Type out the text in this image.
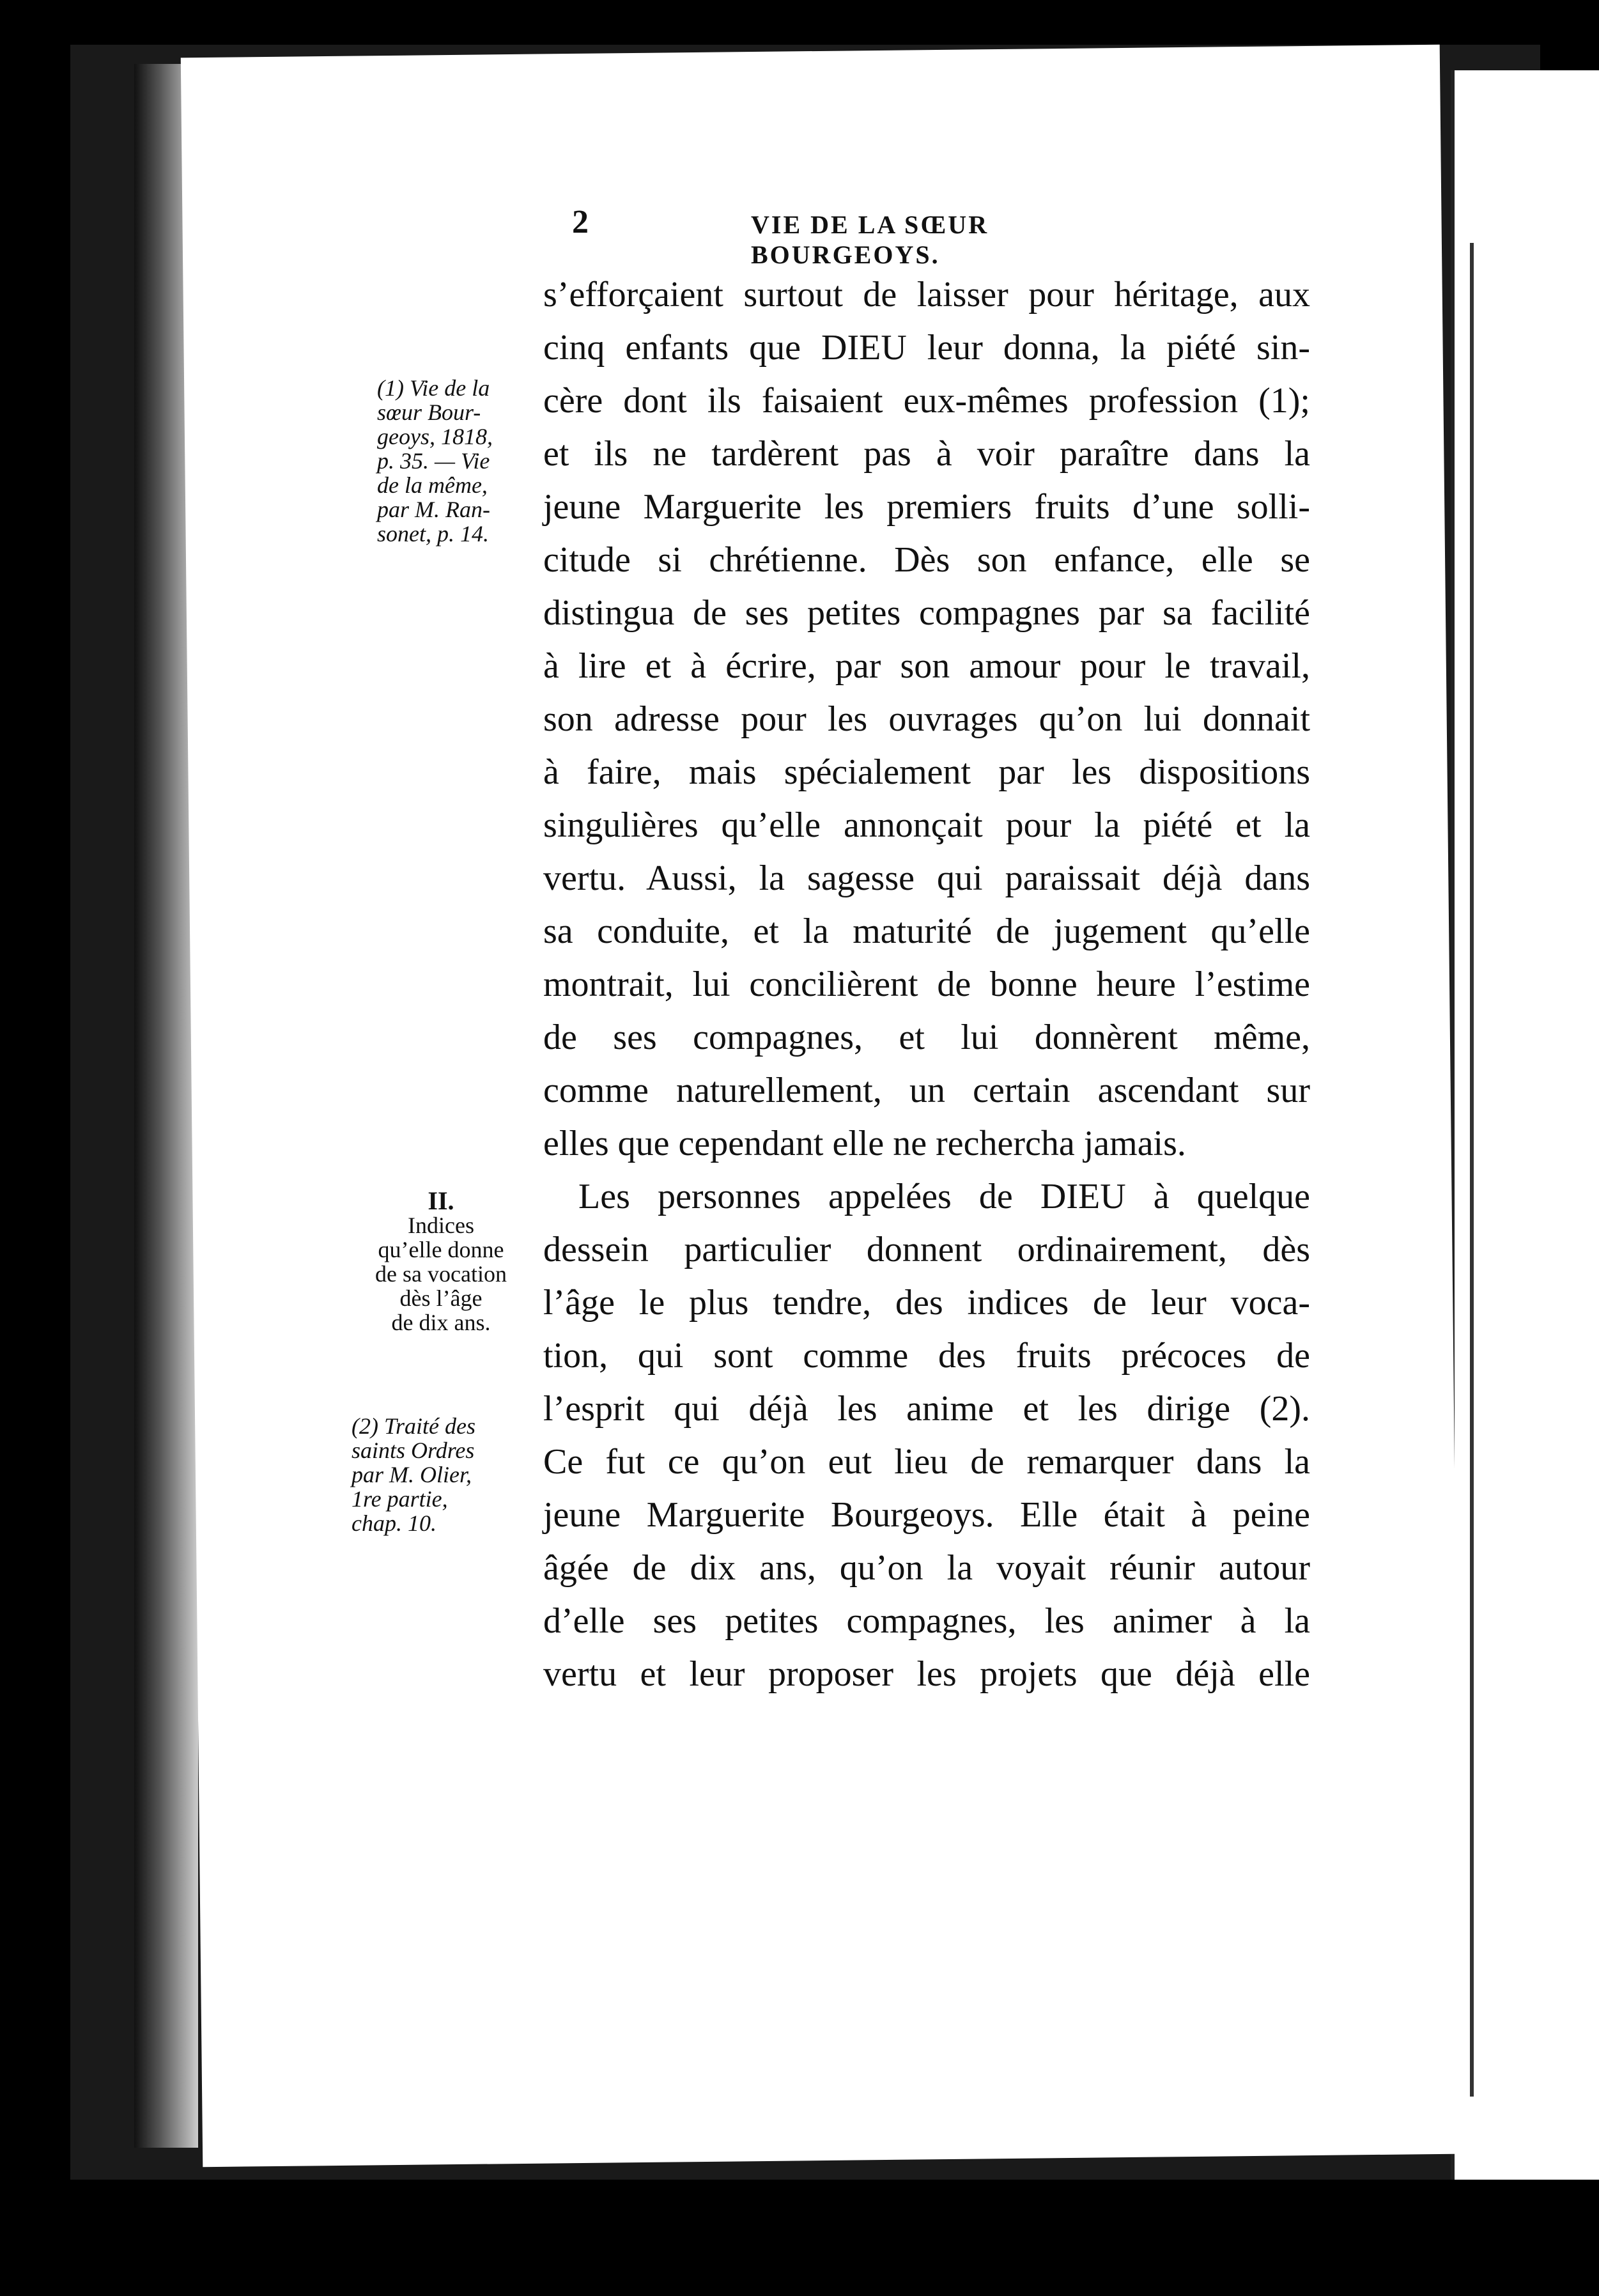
2	VIE DE LA SŒUR BOURGEOYS.
s’efforçaient surtout de laisser pour héritage, aux
cinq enfants que DIEU leur donna, la piété sin-
cère dont ils faisaient eux-mêmes profession (1);
et ils ne tardèrent pas à voir paraître dans la
jeune Marguerite les premiers fruits d’une solli-
citude si chrétienne. Dès son enfance, elle se
distingua de ses petites compagnes par sa facilité
à lire et à écrire, par son amour pour le travail,
son adresse pour les ouvrages qu’on lui donnait
à faire, mais spécialement par les dispositions
singulières qu’elle annonçait pour la piété et la
vertu. Aussi, la sagesse qui paraissait déjà dans
sa conduite, et la maturité de jugement qu’elle
montrait, lui concilièrent de bonne heure l’estime
de ses compagnes, et lui donnèrent même,
comme naturellement, un certain ascendant sur
elles que cependant elle ne rechercha jamais.
Les personnes appelées de DIEU à quelque
dessein particulier donnent ordinairement, dès
l’âge le plus tendre, des indices de leur voca-
tion, qui sont comme des fruits précoces de
l’esprit qui déjà les anime et les dirige (2).
Ce fut ce qu’on eut lieu de remarquer dans la
jeune Marguerite Bourgeoys. Elle était à peine
âgée de dix ans, qu’on la voyait réunir autour
d’elle ses petites compagnes, les animer à la
vertu et leur proposer les projets que déjà elle
(1) Vie de la
sœur Bour-
geoys, 1818,
p. 35. — Vie
de la même,
par M. Ran-
sonet, p. 14.
II.
Indices
qu’elle donne
de sa vocation
dès l’âge
de dix ans.
(2) Traité des
saints Ordres
par M. Olier,
1re partie,
chap. 10.
